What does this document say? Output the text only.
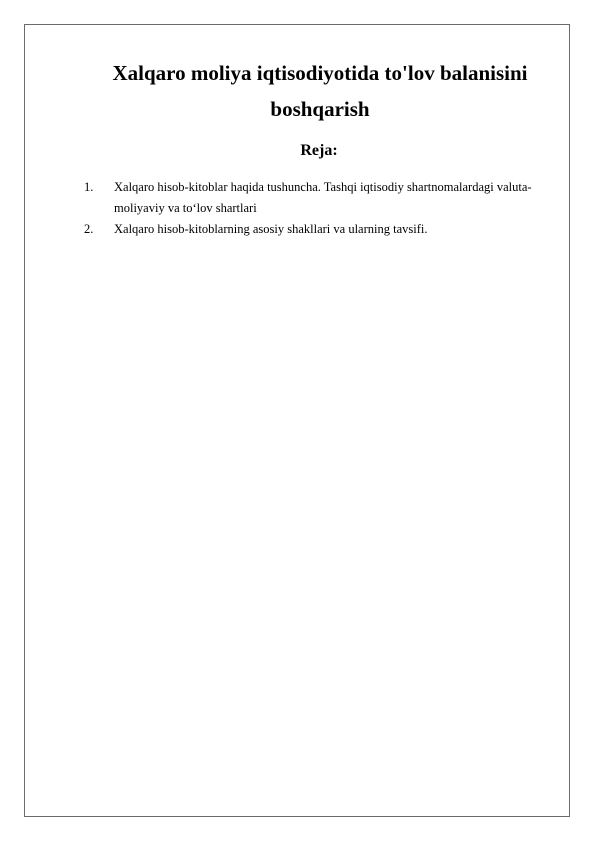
Xalqaro moliya iqtisodiyotida to'lov balanisini
boshqarish

Reja:

1.	Xalqaro hisob-kitoblar haqida tushuncha. Tashqi iqtisodiy shartnomalardagi valuta-moliyaviy va to‘lov shartlari
2.	Xalqaro hisob-kitoblarning asosiy shakllari va ularning tavsifi.
